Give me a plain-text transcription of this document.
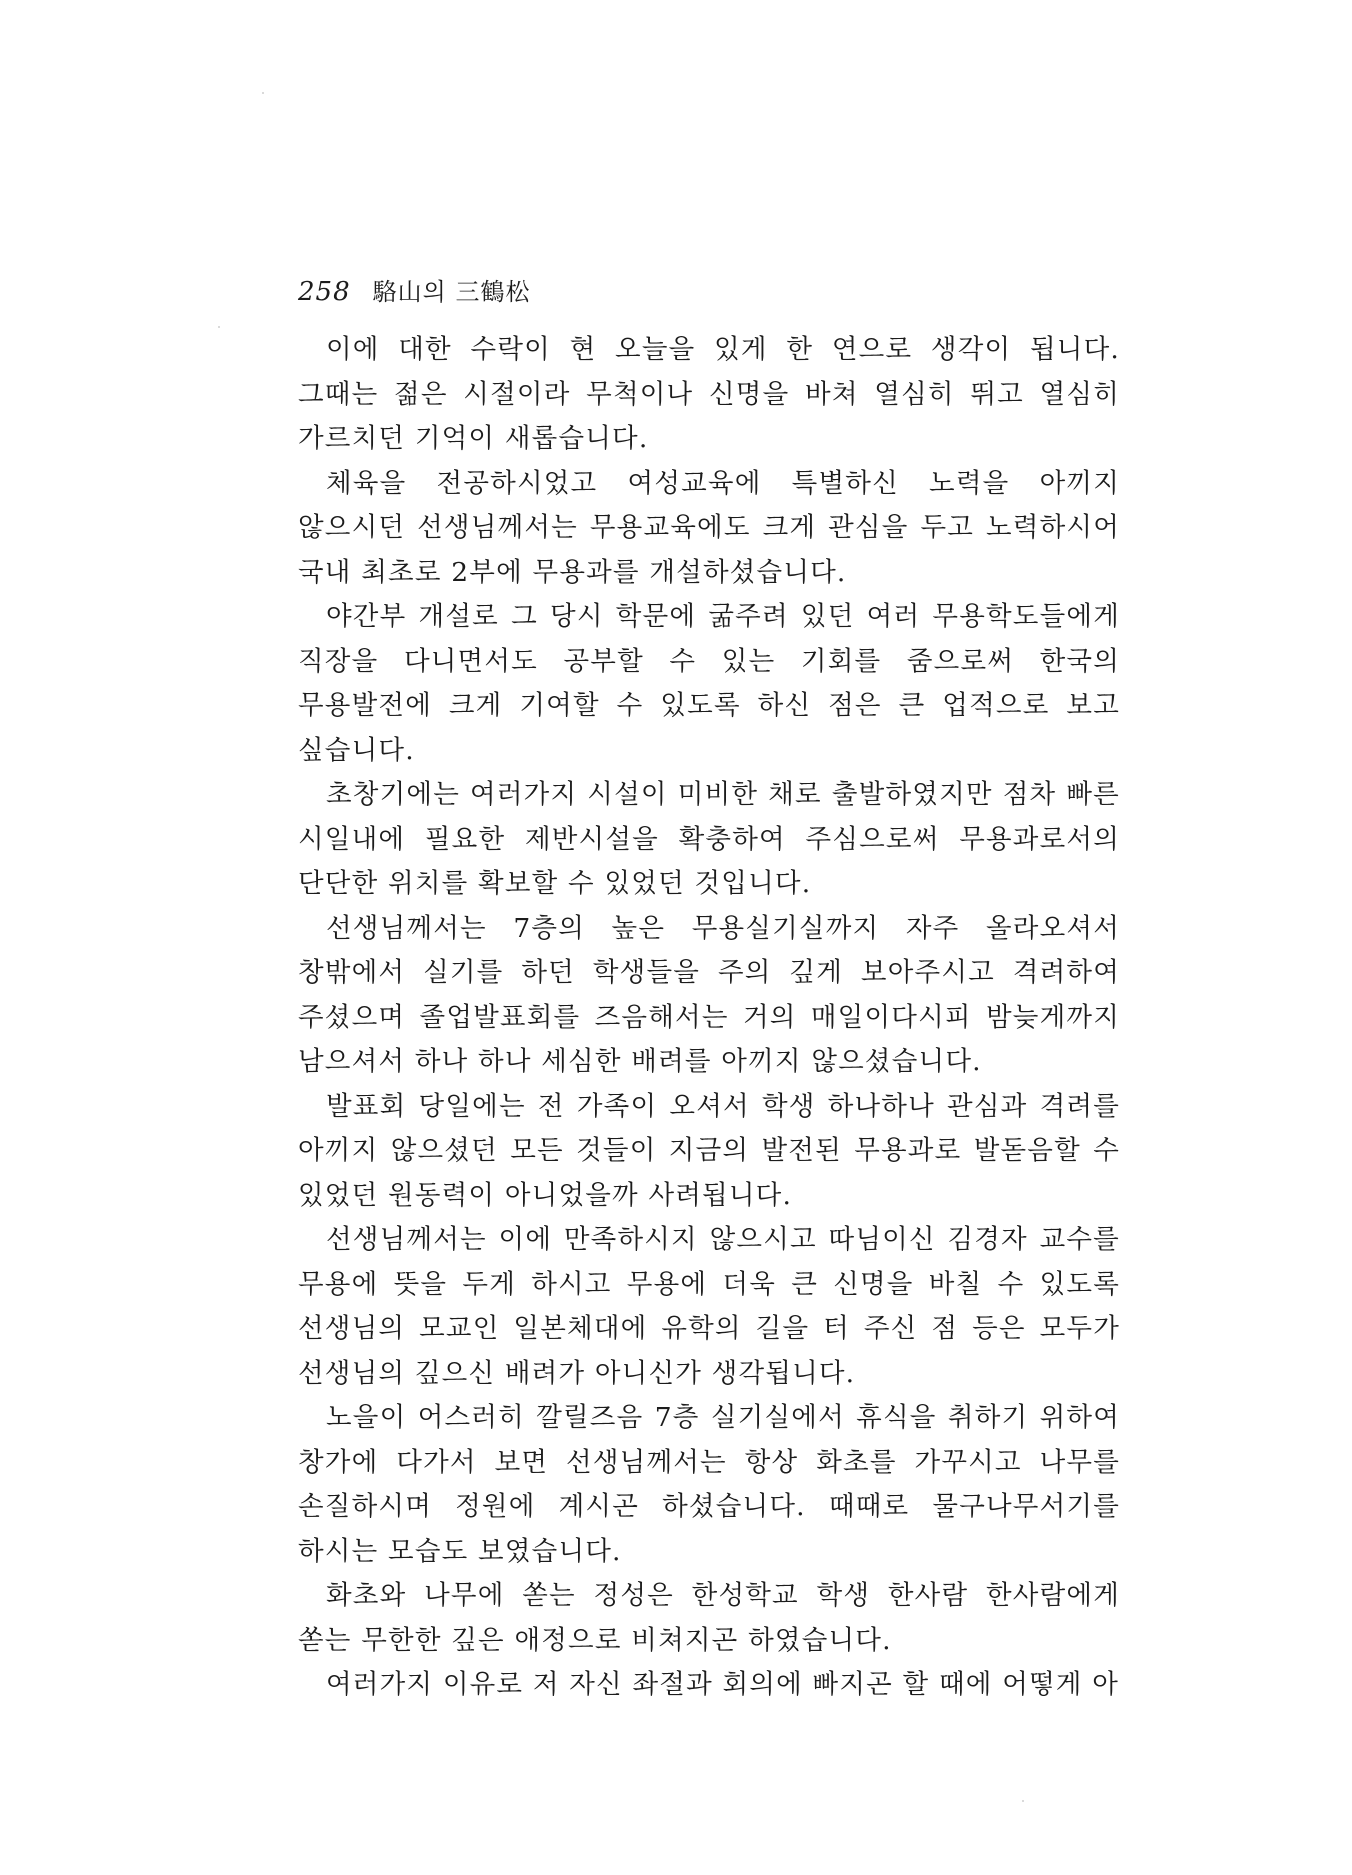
258 駱山의 三鶴松

이에 대한 수락이 현 오늘을 있게 한 연으로 생각이 됩니다. 그때는 젊은 시절이라 무척이나 신명을 바쳐 열심히 뛰고 열심히 가르치던 기억이 새롭습니다.

체육을 전공하시었고 여성교육에 특별하신 노력을 아끼지 않으시던 선생님께서는 무용교육에도 크게 관심을 두고 노력하시어 국내 최초로 2부에 무용과를 개설하셨습니다.

야간부 개설로 그 당시 학문에 굶주려 있던 여러 무용학도들에게 직장을 다니면서도 공부할 수 있는 기회를 줌으로써 한국의 무용발전에 크게 기여할 수 있도록 하신 점은 큰 업적으로 보고 싶습니다.

초창기에는 여러가지 시설이 미비한 채로 출발하였지만 점차 빠른 시일내에 필요한 제반시설을 확충하여 주심으로써 무용과로서의 단단한 위치를 확보할 수 있었던 것입니다.

선생님께서는 7층의 높은 무용실기실까지 자주 올라오셔서 창밖에서 실기를 하던 학생들을 주의 깊게 보아주시고 격려하여 주셨으며 졸업발표회를 즈음해서는 거의 매일이다시피 밤늦게까지 남으셔서 하나 하나 세심한 배려를 아끼지 않으셨습니다.

발표회 당일에는 전 가족이 오셔서 학생 하나하나 관심과 격려를 아끼지 않으셨던 모든 것들이 지금의 발전된 무용과로 발돋음할 수 있었던 원동력이 아니었을까 사려됩니다.

선생님께서는 이에 만족하시지 않으시고 따님이신 김경자 교수를 무용에 뜻을 두게 하시고 무용에 더욱 큰 신명을 바칠 수 있도록 선생님의 모교인 일본체대에 유학의 길을 터 주신 점 등은 모두가 선생님의 깊으신 배려가 아니신가 생각됩니다.

노을이 어스러히 깔릴즈음 7층 실기실에서 휴식을 취하기 위하여 창가에 다가서 보면 선생님께서는 항상 화초를 가꾸시고 나무를 손질하시며 정원에 계시곤 하셨습니다. 때때로 물구나무서기를 하시는 모습도 보였습니다.

화초와 나무에 쏟는 정성은 한성학교 학생 한사람 한사람에게 쏟는 무한한 깊은 애정으로 비쳐지곤 하였습니다.

여러가지 이유로 저 자신 좌절과 회의에 빠지곤 할 때에 어떻게 아
